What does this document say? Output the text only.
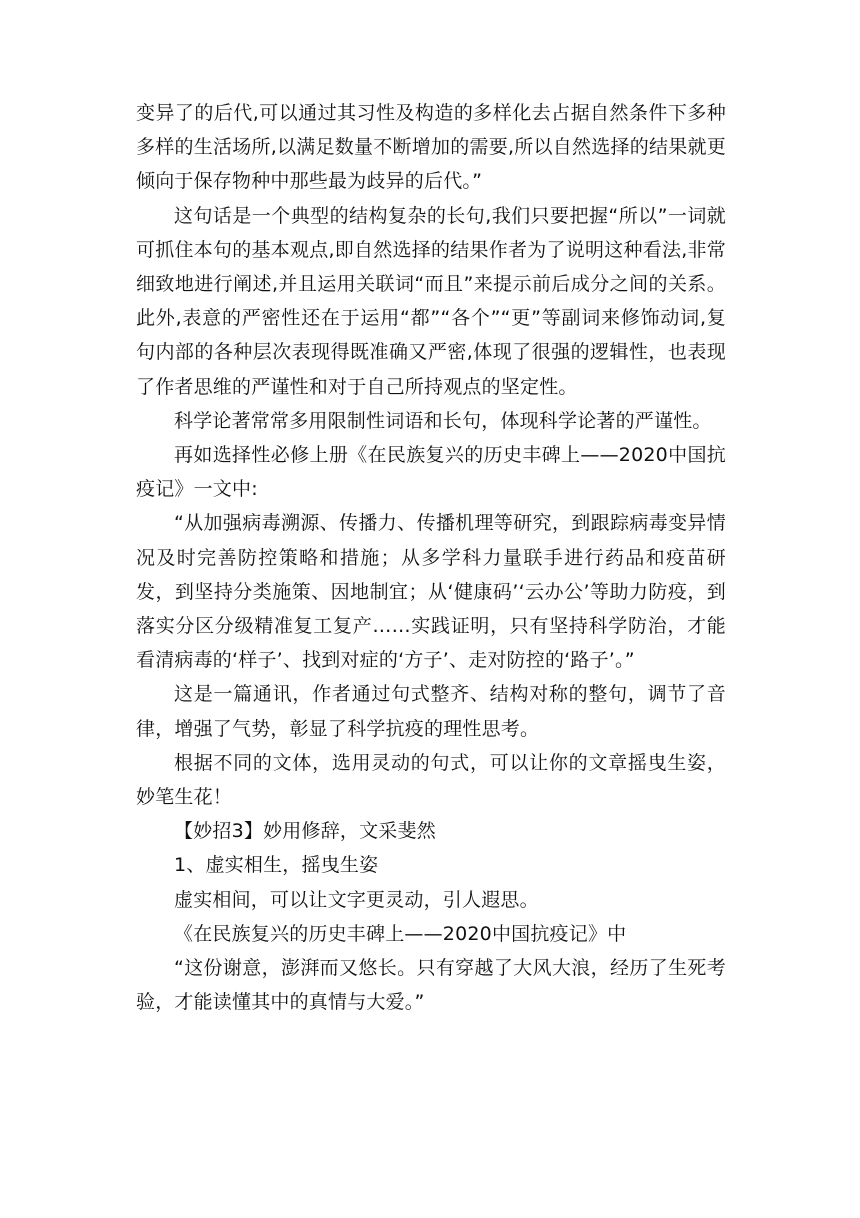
变异了的后代,可以通过其习性及构造的多样化去占据自然条件下多种多样的生活场所,以满足数量不断增加的需要,所以自然选择的结果就更倾向于保存物种中那些最为歧异的后代。”

这句话是一个典型的结构复杂的长句,我们只要把握“所以”一词就可抓住本句的基本观点,即自然选择的结果作者为了说明这种看法,非常细致地进行阐述,并且运用关联词“而且”来提示前后成分之间的关系。此外,表意的严密性还在于运用“都”“各个”“更”等副词来修饰动词,复句内部的各种层次表现得既准确又严密,体现了很强的逻辑性，也表现了作者思维的严谨性和对于自己所持观点的坚定性。

科学论著常常多用限制性词语和长句，体现科学论著的严谨性。

再如选择性必修上册《在民族复兴的历史丰碑上——2020中国抗疫记》一文中:

“从加强病毒溯源、传播力、传播机理等研究，到跟踪病毒变异情况及时完善防控策略和措施；从多学科力量联手进行药品和疫苗研发，到坚持分类施策、因地制宜；从‘健康码’‘云办公’等助力防疫，到落实分区分级精准复工复产……实践证明，只有坚持科学防治，才能看清病毒的‘样子’、找到对症的‘方子’、走对防控的‘路子’。”

这是一篇通讯，作者通过句式整齐、结构对称的整句，调节了音律，增强了气势，彰显了科学抗疫的理性思考。

根据不同的文体，选用灵动的句式，可以让你的文章摇曳生姿，妙笔生花！

【妙招3】妙用修辞，文采斐然

1、虚实相生，摇曳生姿

虚实相间，可以让文字更灵动，引人遐思。

《在民族复兴的历史丰碑上——2020中国抗疫记》中

“这份谢意，澎湃而又悠长。只有穿越了大风大浪，经历了生死考验，才能读懂其中的真情与大爱。”
